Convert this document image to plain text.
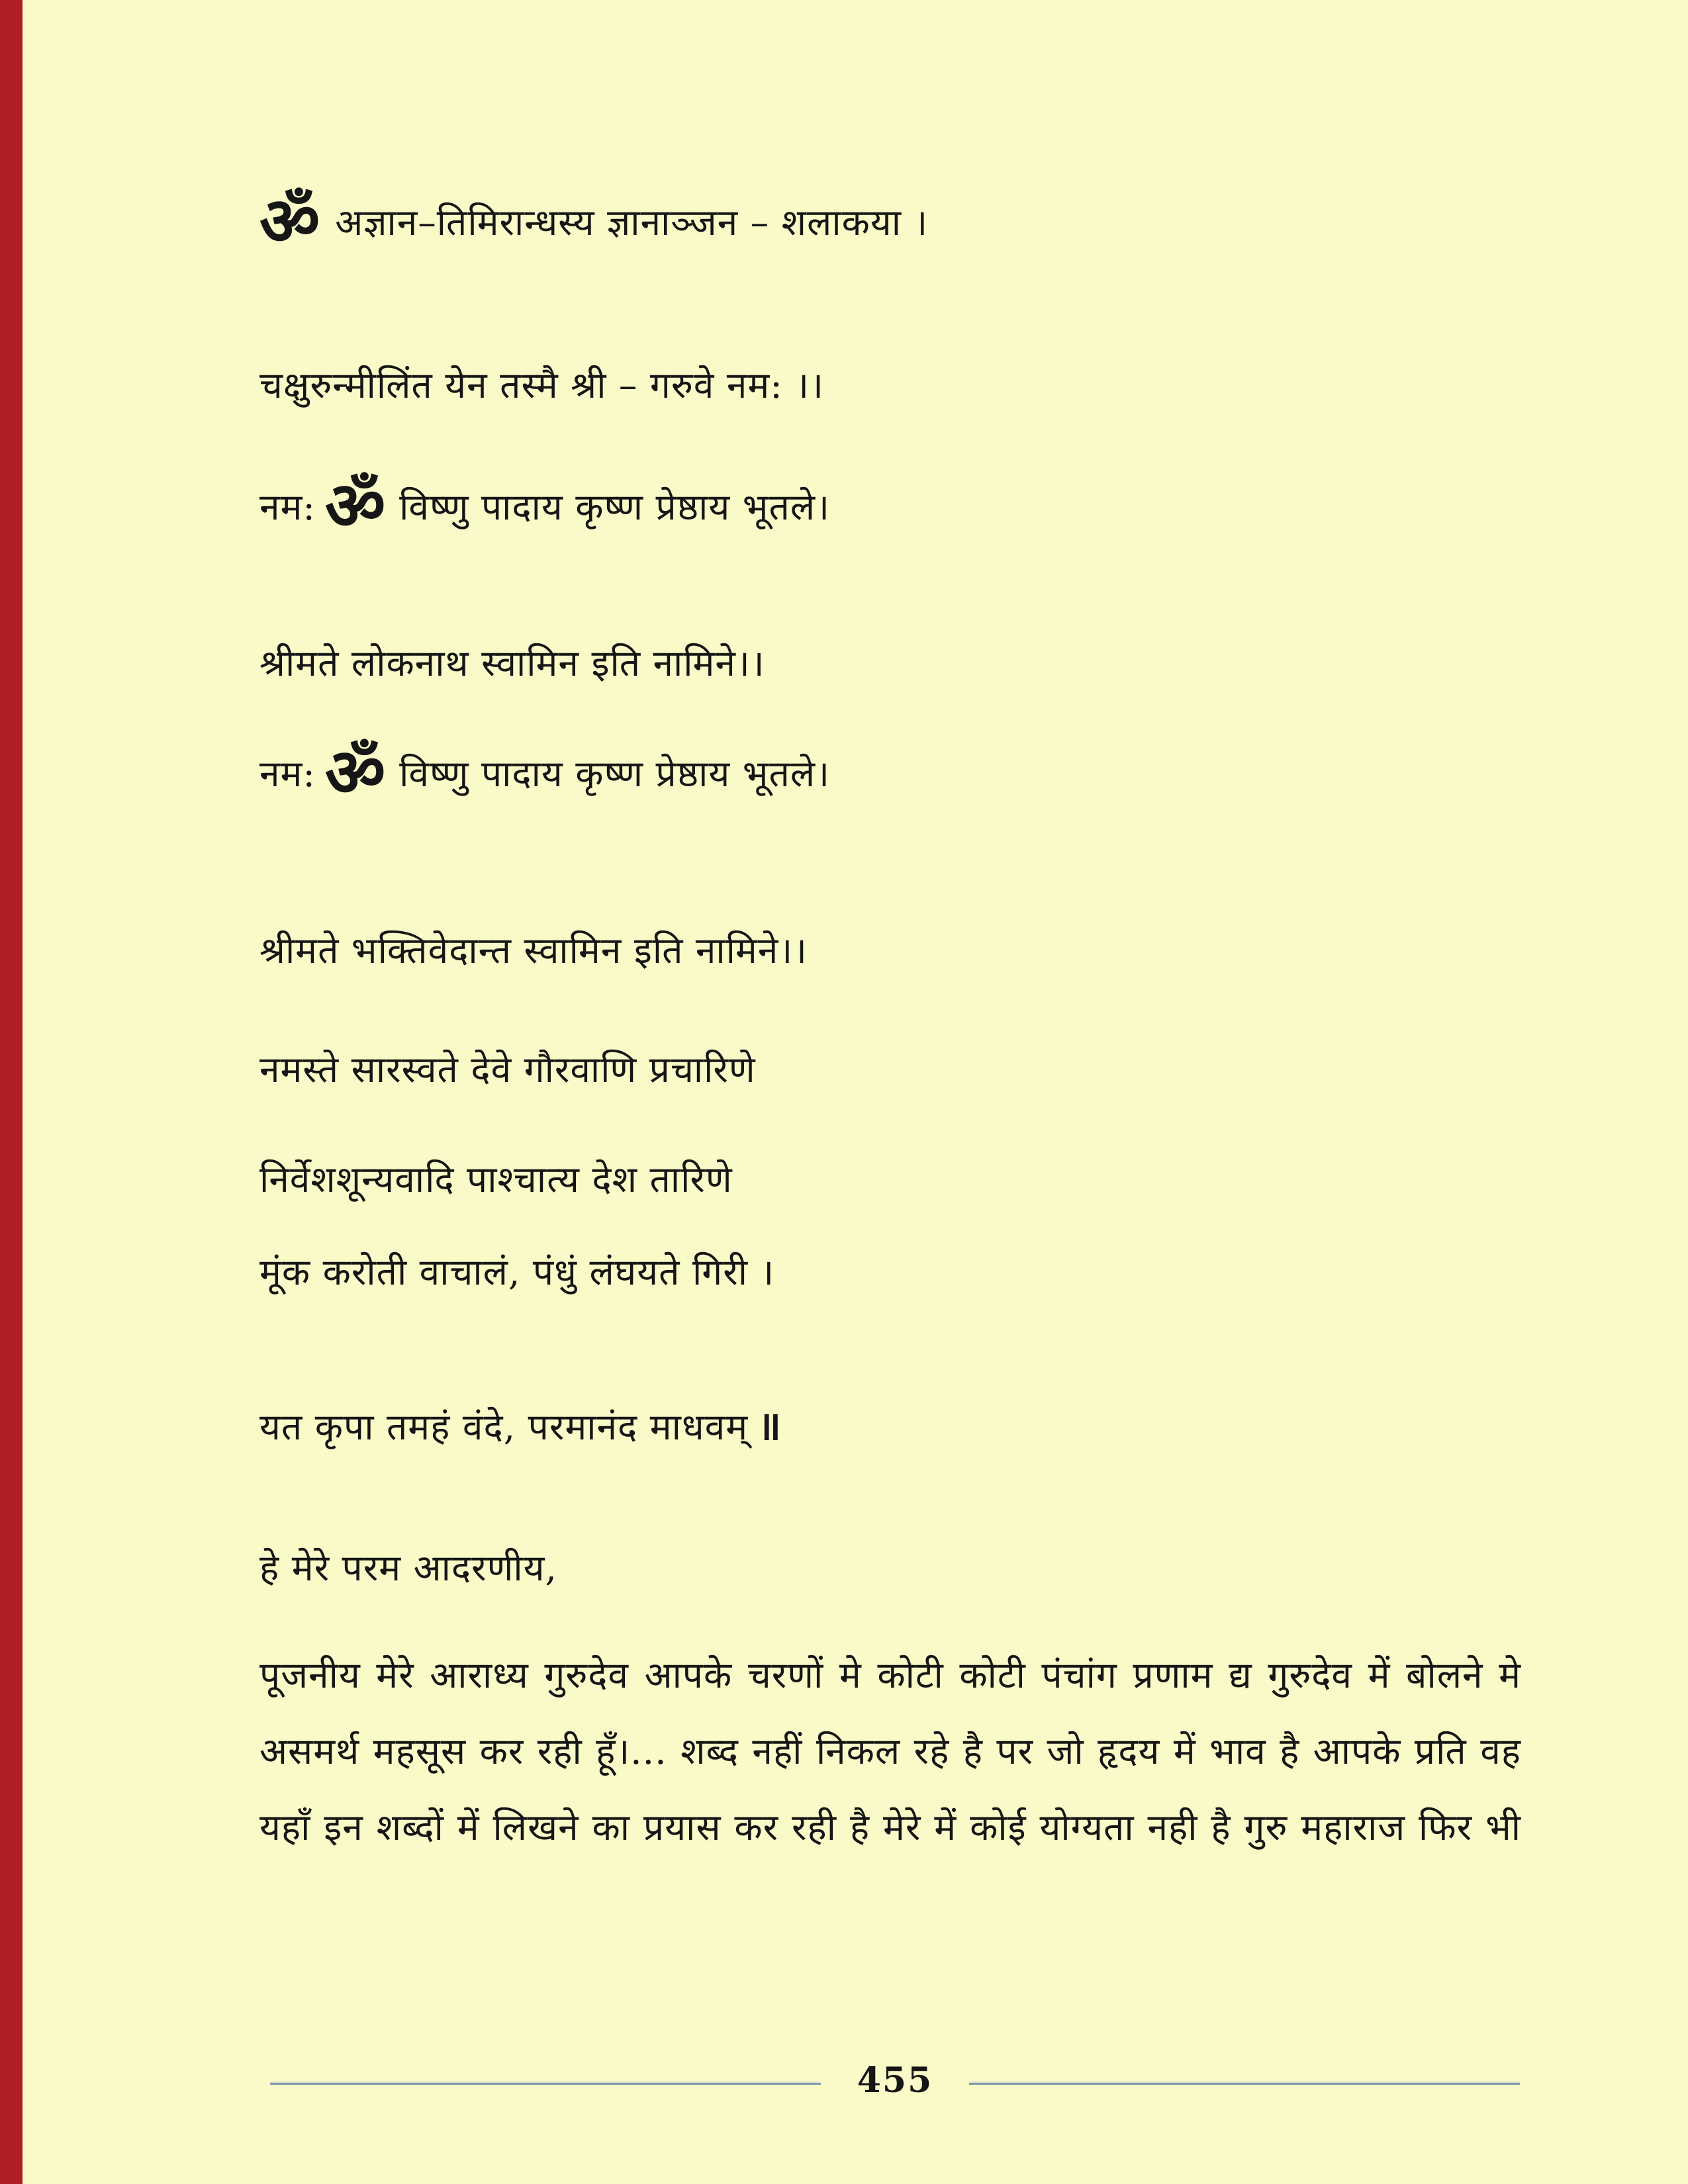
ॐअज्ञान–तिमिरान्धस्य ज्ञानाञ्जन – शलाकया ।
चक्षुरुन्मीलिंत येन तस्मै श्री – गरुवे नम: ।।
नम: ॐ विष्णु पादाय कृष्ण प्रेष्ठाय भूतले।
श्रीमते लोकनाथ स्वामिन इति नामिने।।
नम: ॐ विष्णु पादाय कृष्ण प्रेष्ठाय भूतले।
श्रीमते भक्तिवेदान्त स्वामिन इति नामिने।।
नमस्ते सारस्वते देवे गौरवाणि प्रचारिणे
निर्वेशशून्यवादि पाश्चात्य देश तारिणे
मूंक करोती वाचालं, पंधुं लंघयते गिरी ।
यत कृपा तमहं वंदे, परमानंद माधवम् ॥
हे मेरे परम आदरणीय,
पूजनीय मेरे आराध्य गुरुदेव आपके चरणों मे कोटी कोटी पंचांग प्रणाम द्य गुरुदेव में बोलने मे
असमर्थ महसूस कर रही हूँ।... शब्द नहीं निकल रहे है पर जो हृदय में भाव है आपके प्रति वह
यहाँ इन शब्दों में लिखने का प्रयास कर रही है मेरे में कोई योग्यता नही है गुरु महाराज फिर भी
455
